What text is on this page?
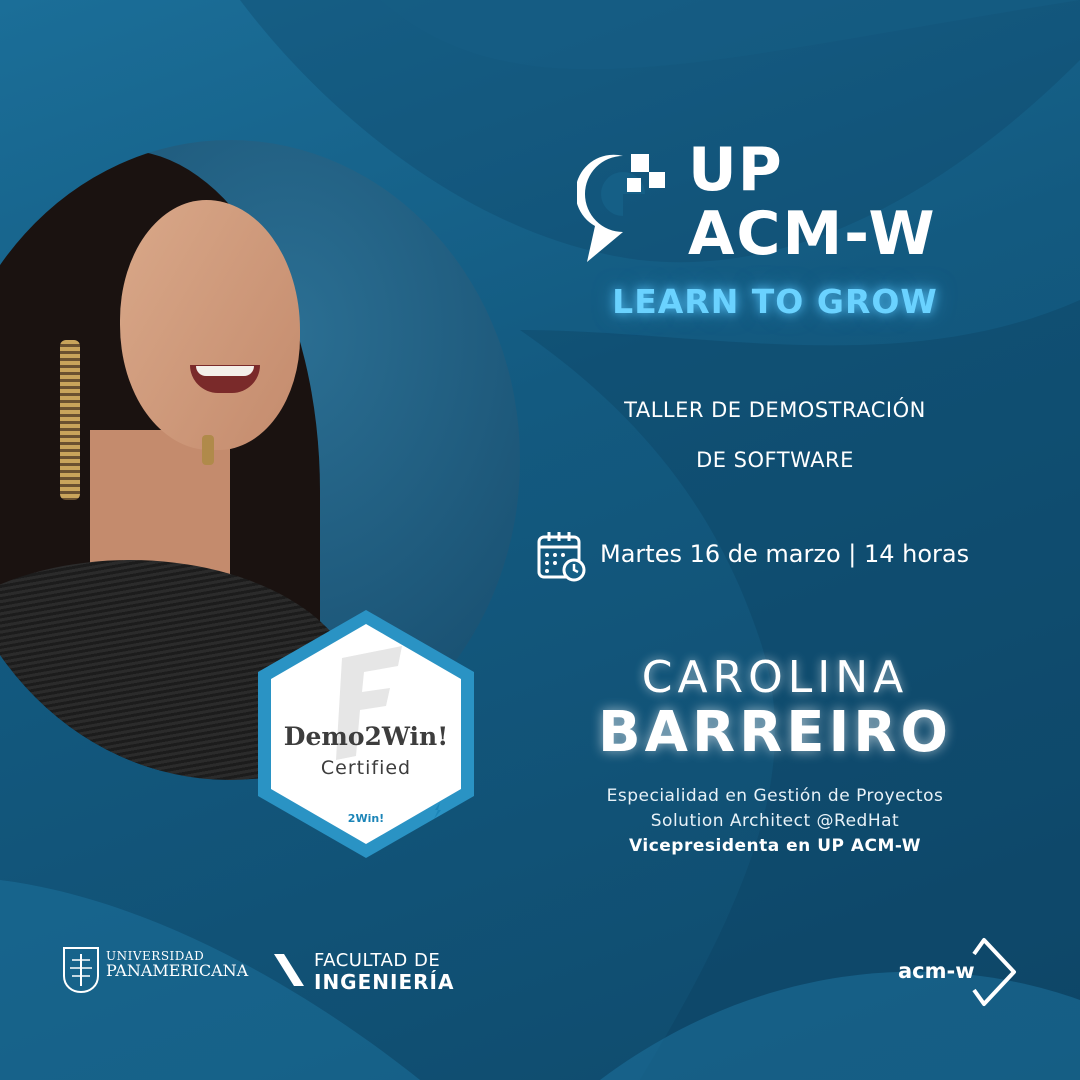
Demo2Win!
Certified
2Win!
UP
ACM-W
LEARN TO GROW
TALLER DE DEMOSTRACIÓN
DE SOFTWARE
Martes 16 de marzo | 14 horas
CAROLINA
BARREIRO
Especialidad en Gestión de Proyectos
Solution Architect @RedHat
Vicepresidenta en UP ACM-W
UNIVERSIDAD
PANAMERICANA	FACULTAD DE
INGENIERÍA	acm-w
